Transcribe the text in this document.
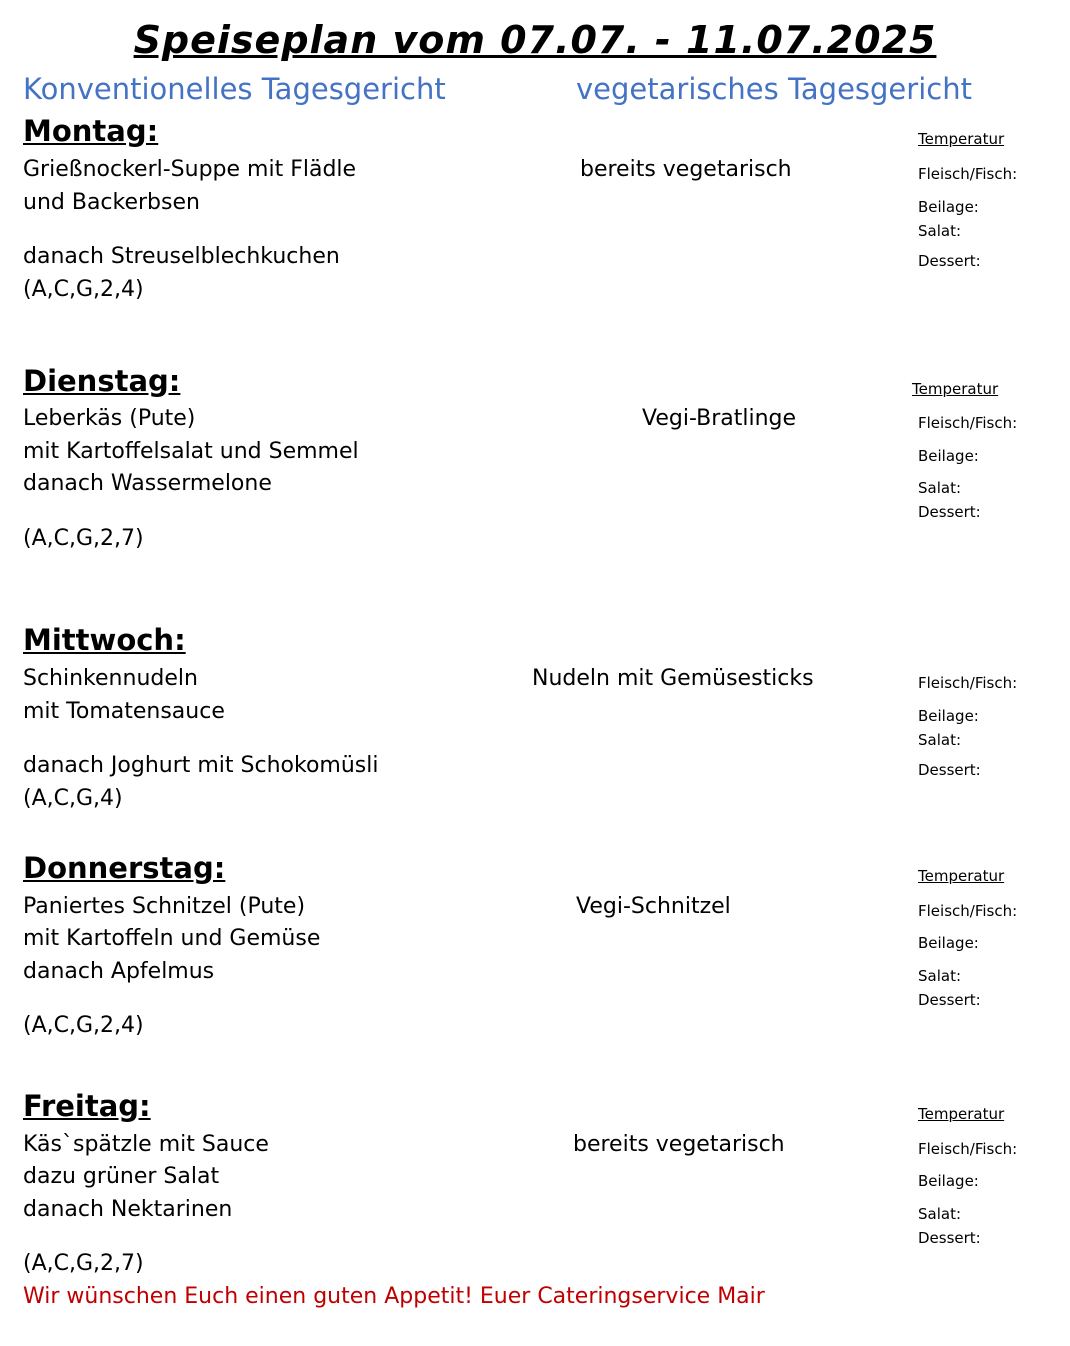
Speiseplan vom 07.07. - 11.07.2025
Konventionelles Tagesgericht	vegetarisches Tagesgericht
Montag:	Temperatur
Grießnockerl-Suppe mit Flädle	bereits vegetarisch	Fleisch/Fisch:
und Backerbsen	Beilage:
Salat:
danach Streuselblechkuchen	Dessert:
(A,C,G,2,4)
Dienstag:	Temperatur
Leberkäs (Pute)	Vegi-Bratlinge	Fleisch/Fisch:
mit Kartoffelsalat und Semmel	Beilage:
danach Wassermelone	Salat:
Dessert:
(A,C,G,2,7)
Mittwoch:
Schinkennudeln	Nudeln mit Gemüsesticks	Fleisch/Fisch:
mit Tomatensauce	Beilage:
Salat:
danach Joghurt mit Schokomüsli	Dessert:
(A,C,G,4)
Donnerstag:	Temperatur
Paniertes Schnitzel (Pute)	Vegi-Schnitzel	Fleisch/Fisch:
mit Kartoffeln und Gemüse	Beilage:
danach Apfelmus	Salat:
Dessert:
(A,C,G,2,4)
Freitag:	Temperatur
Käs`spätzle mit Sauce	bereits vegetarisch	Fleisch/Fisch:
dazu grüner Salat	Beilage:
danach Nektarinen	Salat:
Dessert:
(A,C,G,2,7)
Wir wünschen Euch einen guten Appetit! Euer Cateringservice Mair
